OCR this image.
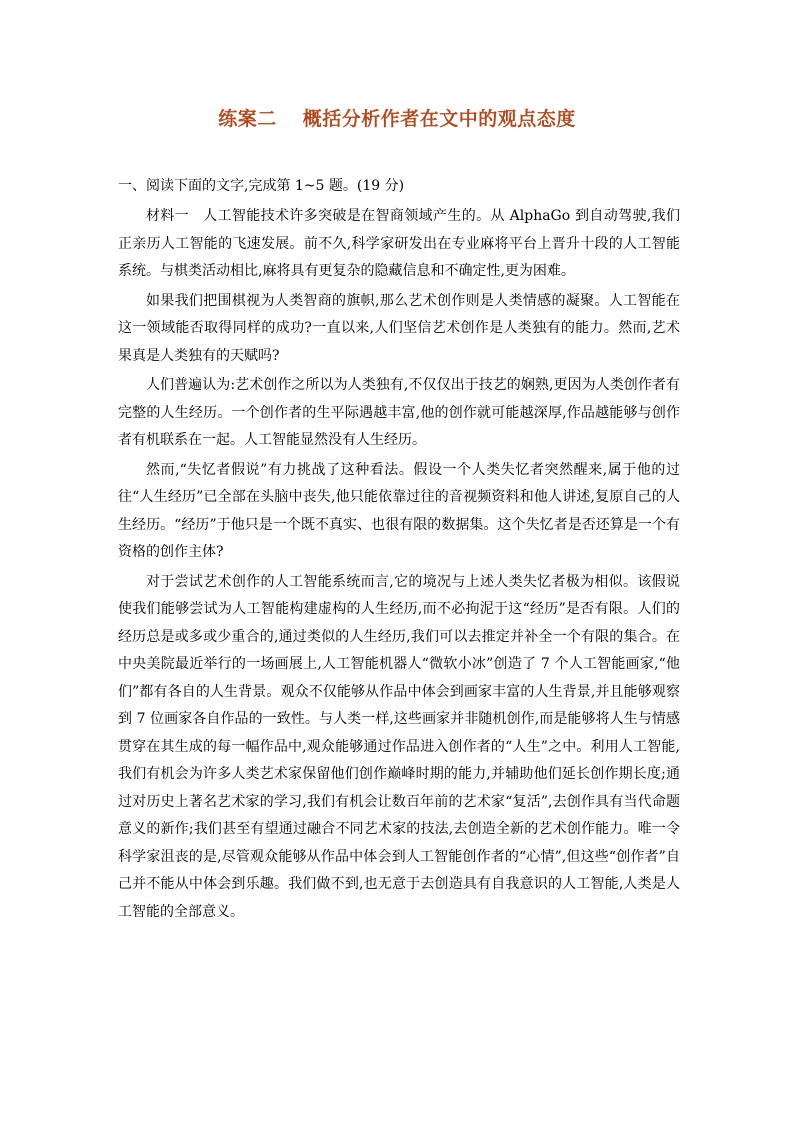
练案二 概括分析作者在文中的观点态度
一、阅读下面的文字,完成第 1~5 题。(19 分)

材料一 人工智能技术许多突破是在智商领域产生的。从 AlphaGo 到自动驾驶,我们正亲历人工智能的飞速发展。前不久,科学家研发出在专业麻将平台上晋升十段的人工智能系统。与棋类活动相比,麻将具有更复杂的隐藏信息和不确定性,更为困难。

如果我们把围棋视为人类智商的旗帜,那么艺术创作则是人类情感的凝聚。人工智能在这一领域能否取得同样的成功?一直以来,人们坚信艺术创作是人类独有的能力。然而,艺术果真是人类独有的天赋吗?

人们普遍认为:艺术创作之所以为人类独有,不仅仅出于技艺的娴熟,更因为人类创作者有完整的人生经历。一个创作者的生平际遇越丰富,他的创作就可能越深厚,作品越能够与创作者有机联系在一起。人工智能显然没有人生经历。

然而,“失忆者假说”有力挑战了这种看法。假设一个人类失忆者突然醒来,属于他的过往“人生经历”已全部在头脑中丧失,他只能依靠过往的音视频资料和他人讲述,复原自己的人生经历。“经历”于他只是一个既不真实、也很有限的数据集。这个失忆者是否还算是一个有资格的创作主体?

对于尝试艺术创作的人工智能系统而言,它的境况与上述人类失忆者极为相似。该假说使我们能够尝试为人工智能构建虚构的人生经历,而不必拘泥于这“经历”是否有限。人们的经历总是或多或少重合的,通过类似的人生经历,我们可以去推定并补全一个有限的集合。在中央美院最近举行的一场画展上,人工智能机器人“微软小冰”创造了 7 个人工智能画家,“他们”都有各自的人生背景。观众不仅能够从作品中体会到画家丰富的人生背景,并且能够观察到 7 位画家各自作品的一致性。与人类一样,这些画家并非随机创作,而是能够将人生与情感贯穿在其生成的每一幅作品中,观众能够通过作品进入创作者的“人生”之中。利用人工智能,我们有机会为许多人类艺术家保留他们创作巅峰时期的能力,并辅助他们延长创作期长度;通过对历史上著名艺术家的学习,我们有机会让数百年前的艺术家“复活”,去创作具有当代命题意义的新作;我们甚至有望通过融合不同艺术家的技法,去创造全新的艺术创作能力。唯一令科学家沮丧的是,尽管观众能够从作品中体会到人工智能创作者的“心情”,但这些“创作者”自己并不能从中体会到乐趣。我们做不到,也无意于去创造具有自我意识的人工智能,人类是人工智能的全部意义。
